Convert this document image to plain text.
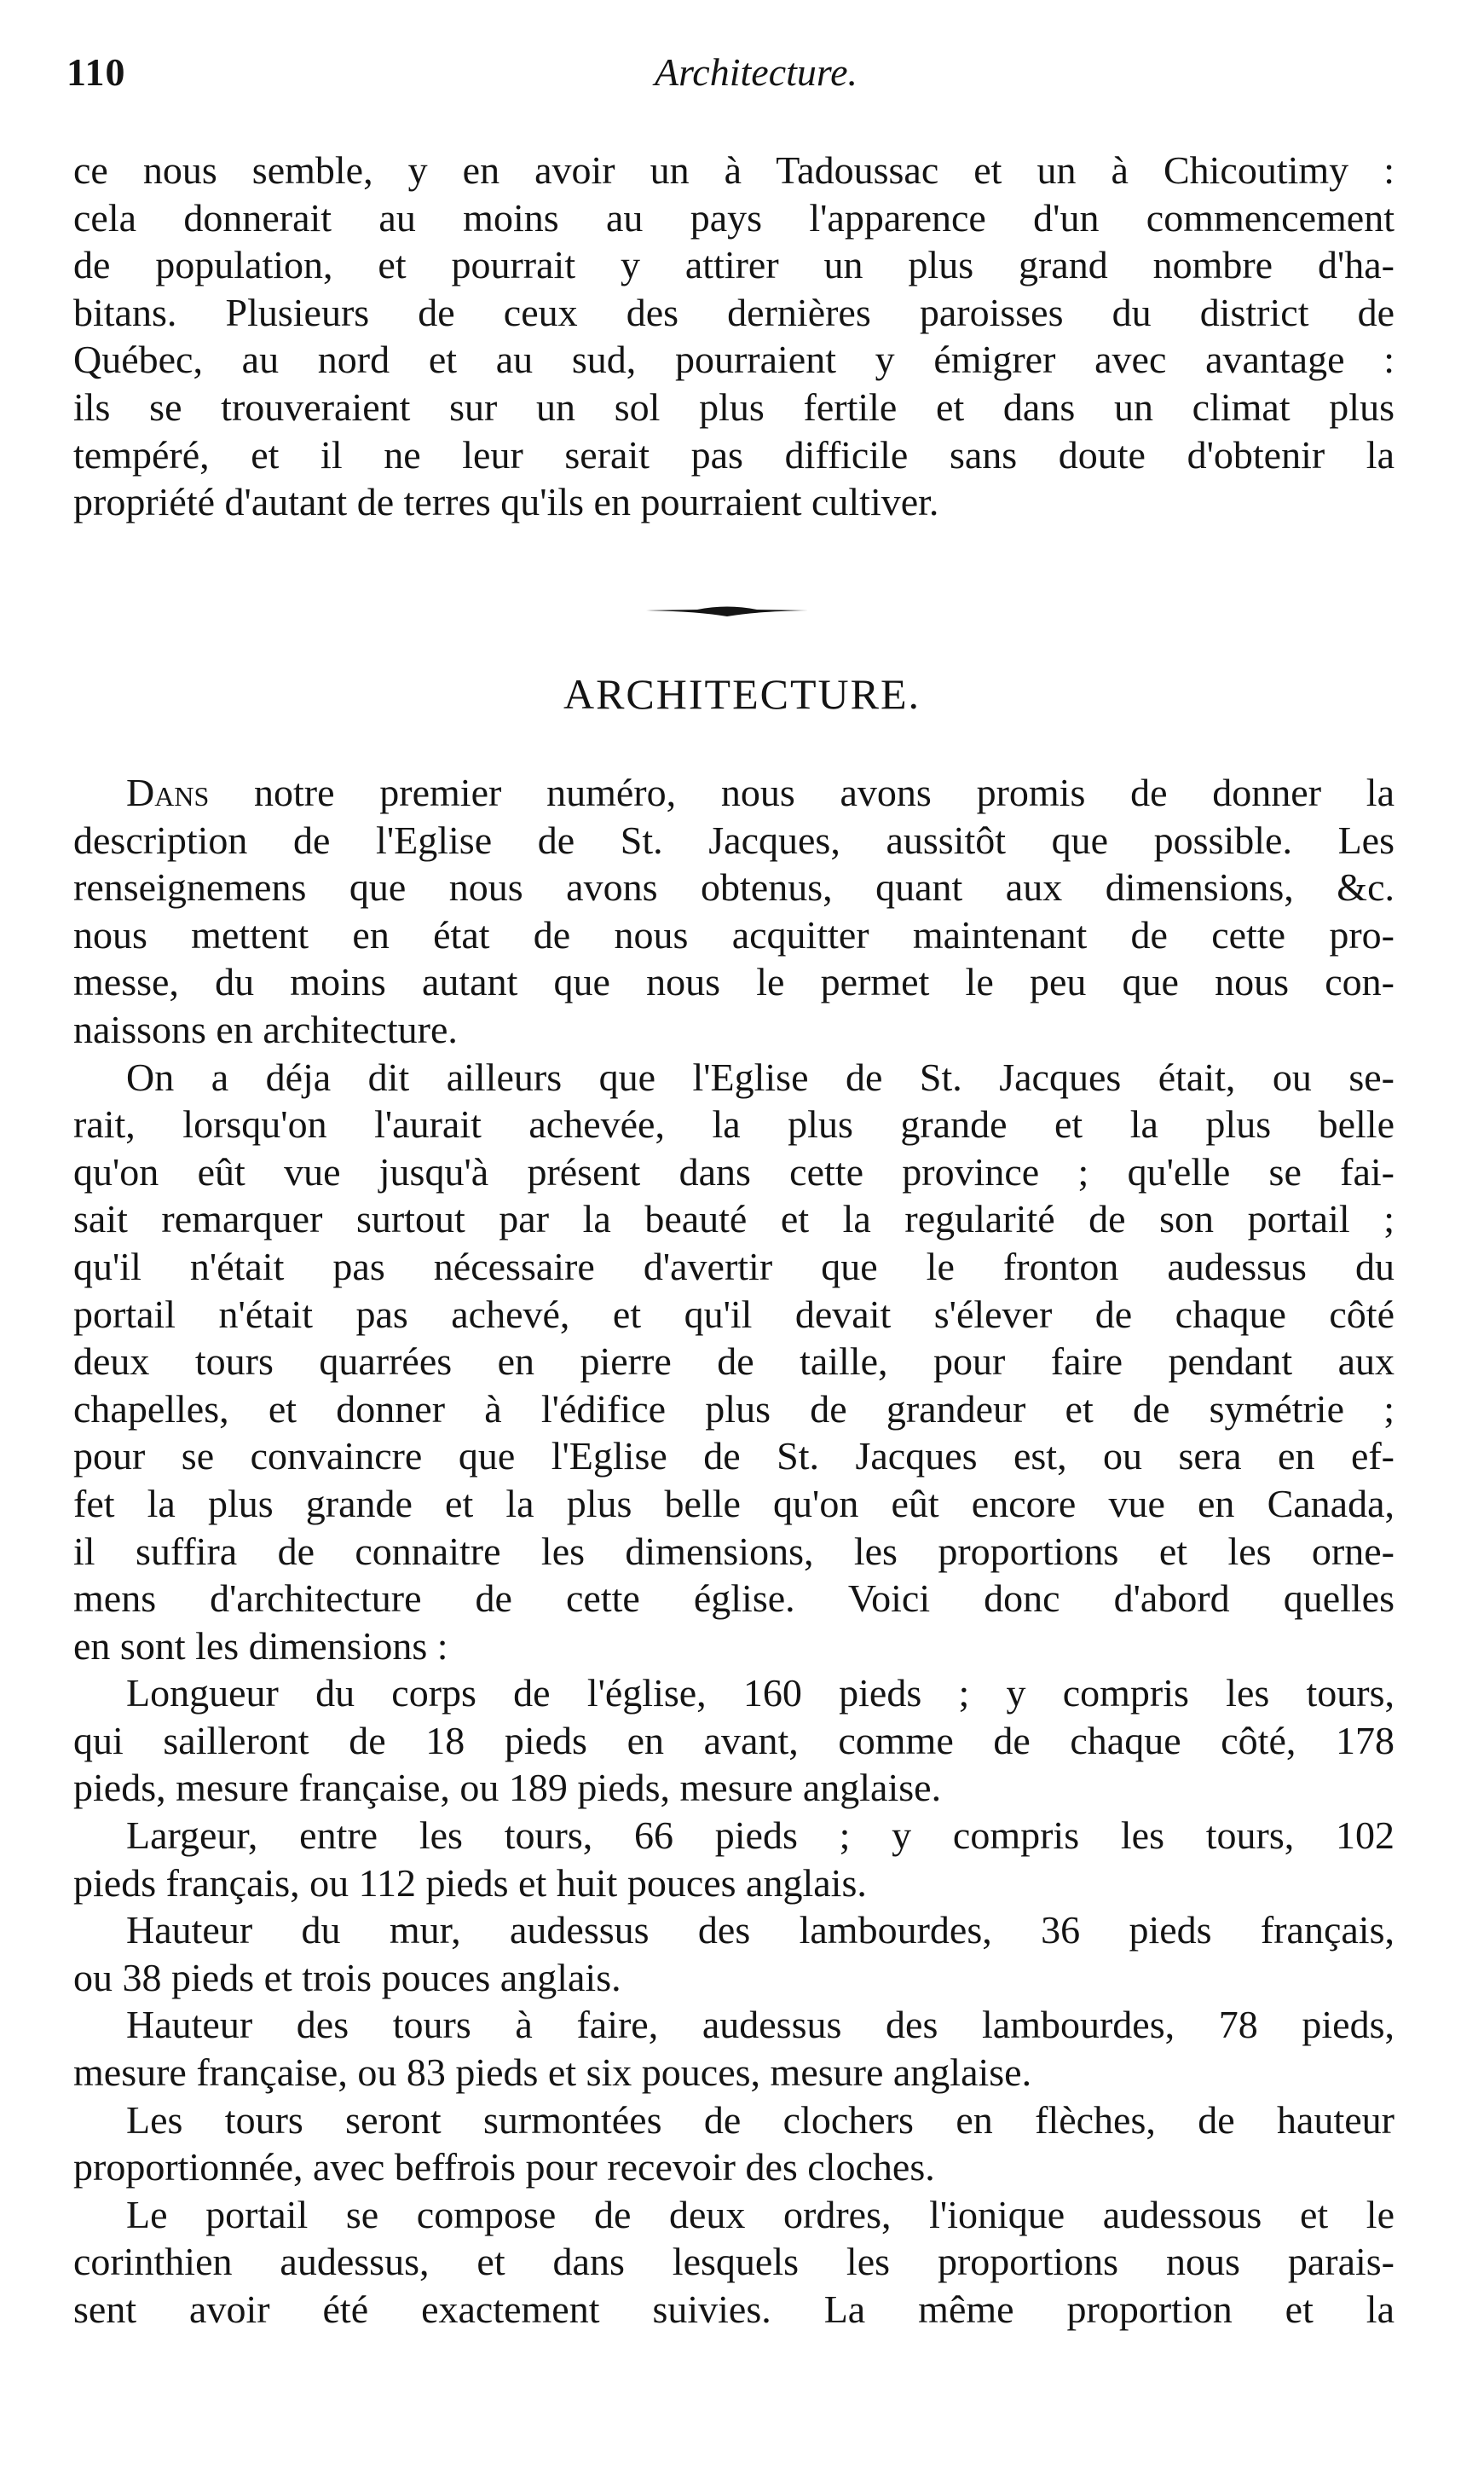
110	Architecture.
ce nous semble, y en avoir un à Tadoussac et un à Chicoutimy :
cela donnerait au moins au pays l'apparence d'un commencement
de population, et pourrait y attirer un plus grand nombre d'ha-
bitans. Plusieurs de ceux des dernières paroisses du district de
Québec, au nord et au sud, pourraient y émigrer avec avantage :
ils se trouveraient sur un sol plus fertile et dans un climat plus
tempéré, et il ne leur serait pas difficile sans doute d'obtenir la
propriété d'autant de terres qu'ils en pourraient cultiver.
ARCHITECTURE.
Dans notre premier numéro, nous avons promis de donner la
description de l'Eglise de St. Jacques, aussitôt que possible. Les
renseignemens que nous avons obtenus, quant aux dimensions, &c.
nous mettent en état de nous acquitter maintenant de cette pro-
messe, du moins autant que nous le permet le peu que nous con-
naissons en architecture.
On a déja dit ailleurs que l'Eglise de St. Jacques était, ou se-
rait, lorsqu'on l'aurait achevée, la plus grande et la plus belle
qu'on eût vue jusqu'à présent dans cette province ; qu'elle se fai-
sait remarquer surtout par la beauté et la regularité de son portail ;
qu'il n'était pas nécessaire d'avertir que le fronton audessus du
portail n'était pas achevé, et qu'il devait s'élever de chaque côté
deux tours quarrées en pierre de taille, pour faire pendant aux
chapelles, et donner à l'édifice plus de grandeur et de symétrie ;
pour se convaincre que l'Eglise de St. Jacques est, ou sera en ef-
fet la plus grande et la plus belle qu'on eût encore vue en Canada,
il suffira de connaitre les dimensions, les proportions et les orne-
mens d'architecture de cette église. Voici donc d'abord quelles
en sont les dimensions :
Longueur du corps de l'église, 160 pieds ; y compris les tours,
qui sailleront de 18 pieds en avant, comme de chaque côté, 178
pieds, mesure française, ou 189 pieds, mesure anglaise.
Largeur, entre les tours, 66 pieds ; y compris les tours, 102
pieds français, ou 112 pieds et huit pouces anglais.
Hauteur du mur, audessus des lambourdes, 36 pieds français,
ou 38 pieds et trois pouces anglais.
Hauteur des tours à faire, audessus des lambourdes, 78 pieds,
mesure française, ou 83 pieds et six pouces, mesure anglaise.
Les tours seront surmontées de clochers en flèches, de hauteur
proportionnée, avec beffrois pour recevoir des cloches.
Le portail se compose de deux ordres, l'ionique audessous et le
corinthien audessus, et dans lesquels les proportions nous parais-
sent avoir été exactement suivies. La même proportion et la
